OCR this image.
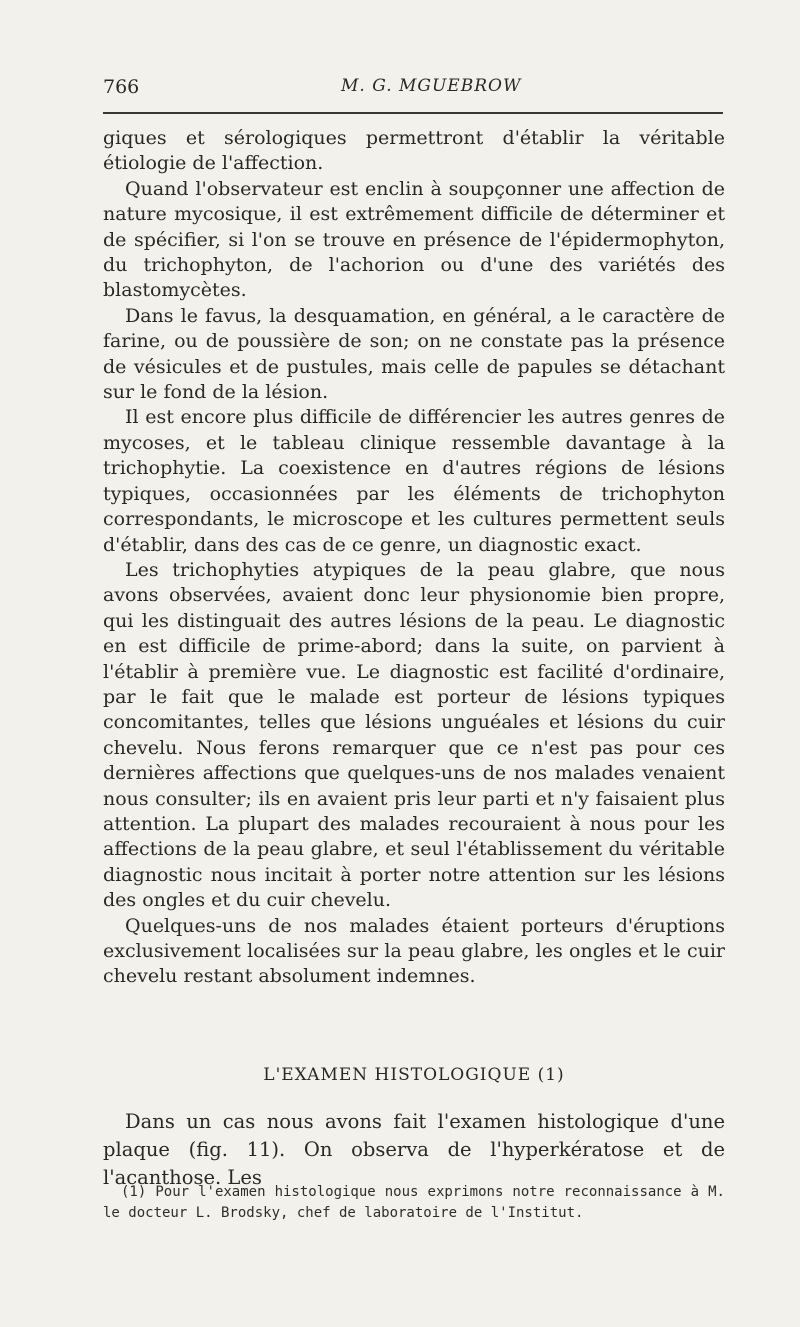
766	M. G. MGUEBROW

giques et sérologiques permettront d'établir la véritable étiologie de l'affection.

Quand l'observateur est enclin à soupçonner une affection de nature mycosique, il est extrêmement difficile de déterminer et de spécifier, si l'on se trouve en présence de l'épidermophyton, du trichophyton, de l'achorion ou d'une des variétés des blastomycètes.

Dans le favus, la desquamation, en général, a le caractère de farine, ou de poussière de son; on ne constate pas la présence de vésicules et de pustules, mais celle de papules se détachant sur le fond de la lésion.

Il est encore plus difficile de différencier les autres genres de mycoses, et le tableau clinique ressemble davantage à la trichophytie. La coexistence en d'autres régions de lésions typiques, occasionnées par les éléments de trichophyton correspondants, le microscope et les cultures permettent seuls d'établir, dans des cas de ce genre, un diagnostic exact.

Les trichophyties atypiques de la peau glabre, que nous avons observées, avaient donc leur physionomie bien propre, qui les distinguait des autres lésions de la peau. Le diagnostic en est difficile de prime-abord; dans la suite, on parvient à l'établir à première vue. Le diagnostic est facilité d'ordinaire, par le fait que le malade est porteur de lésions typiques concomitantes, telles que lésions unguéales et lésions du cuir chevelu. Nous ferons remarquer que ce n'est pas pour ces dernières affections que quelques-uns de nos malades venaient nous consulter; ils en avaient pris leur parti et n'y faisaient plus attention. La plupart des malades recouraient à nous pour les affections de la peau glabre, et seul l'établissement du véritable diagnostic nous incitait à porter notre attention sur les lésions des ongles et du cuir chevelu.

Quelques-uns de nos malades étaient porteurs d'éruptions exclusivement localisées sur la peau glabre, les ongles et le cuir chevelu restant absolument indemnes.

L'EXAMEN HISTOLOGIQUE (1)

Dans un cas nous avons fait l'examen histologique d'une plaque (fig. 11). On observa de l'hyperkératose et de l'acanthose. Les

(1) Pour l'examen histologique nous exprimons notre reconnaissance à M. le docteur L. Brodsky, chef de laboratoire de l'Institut.
